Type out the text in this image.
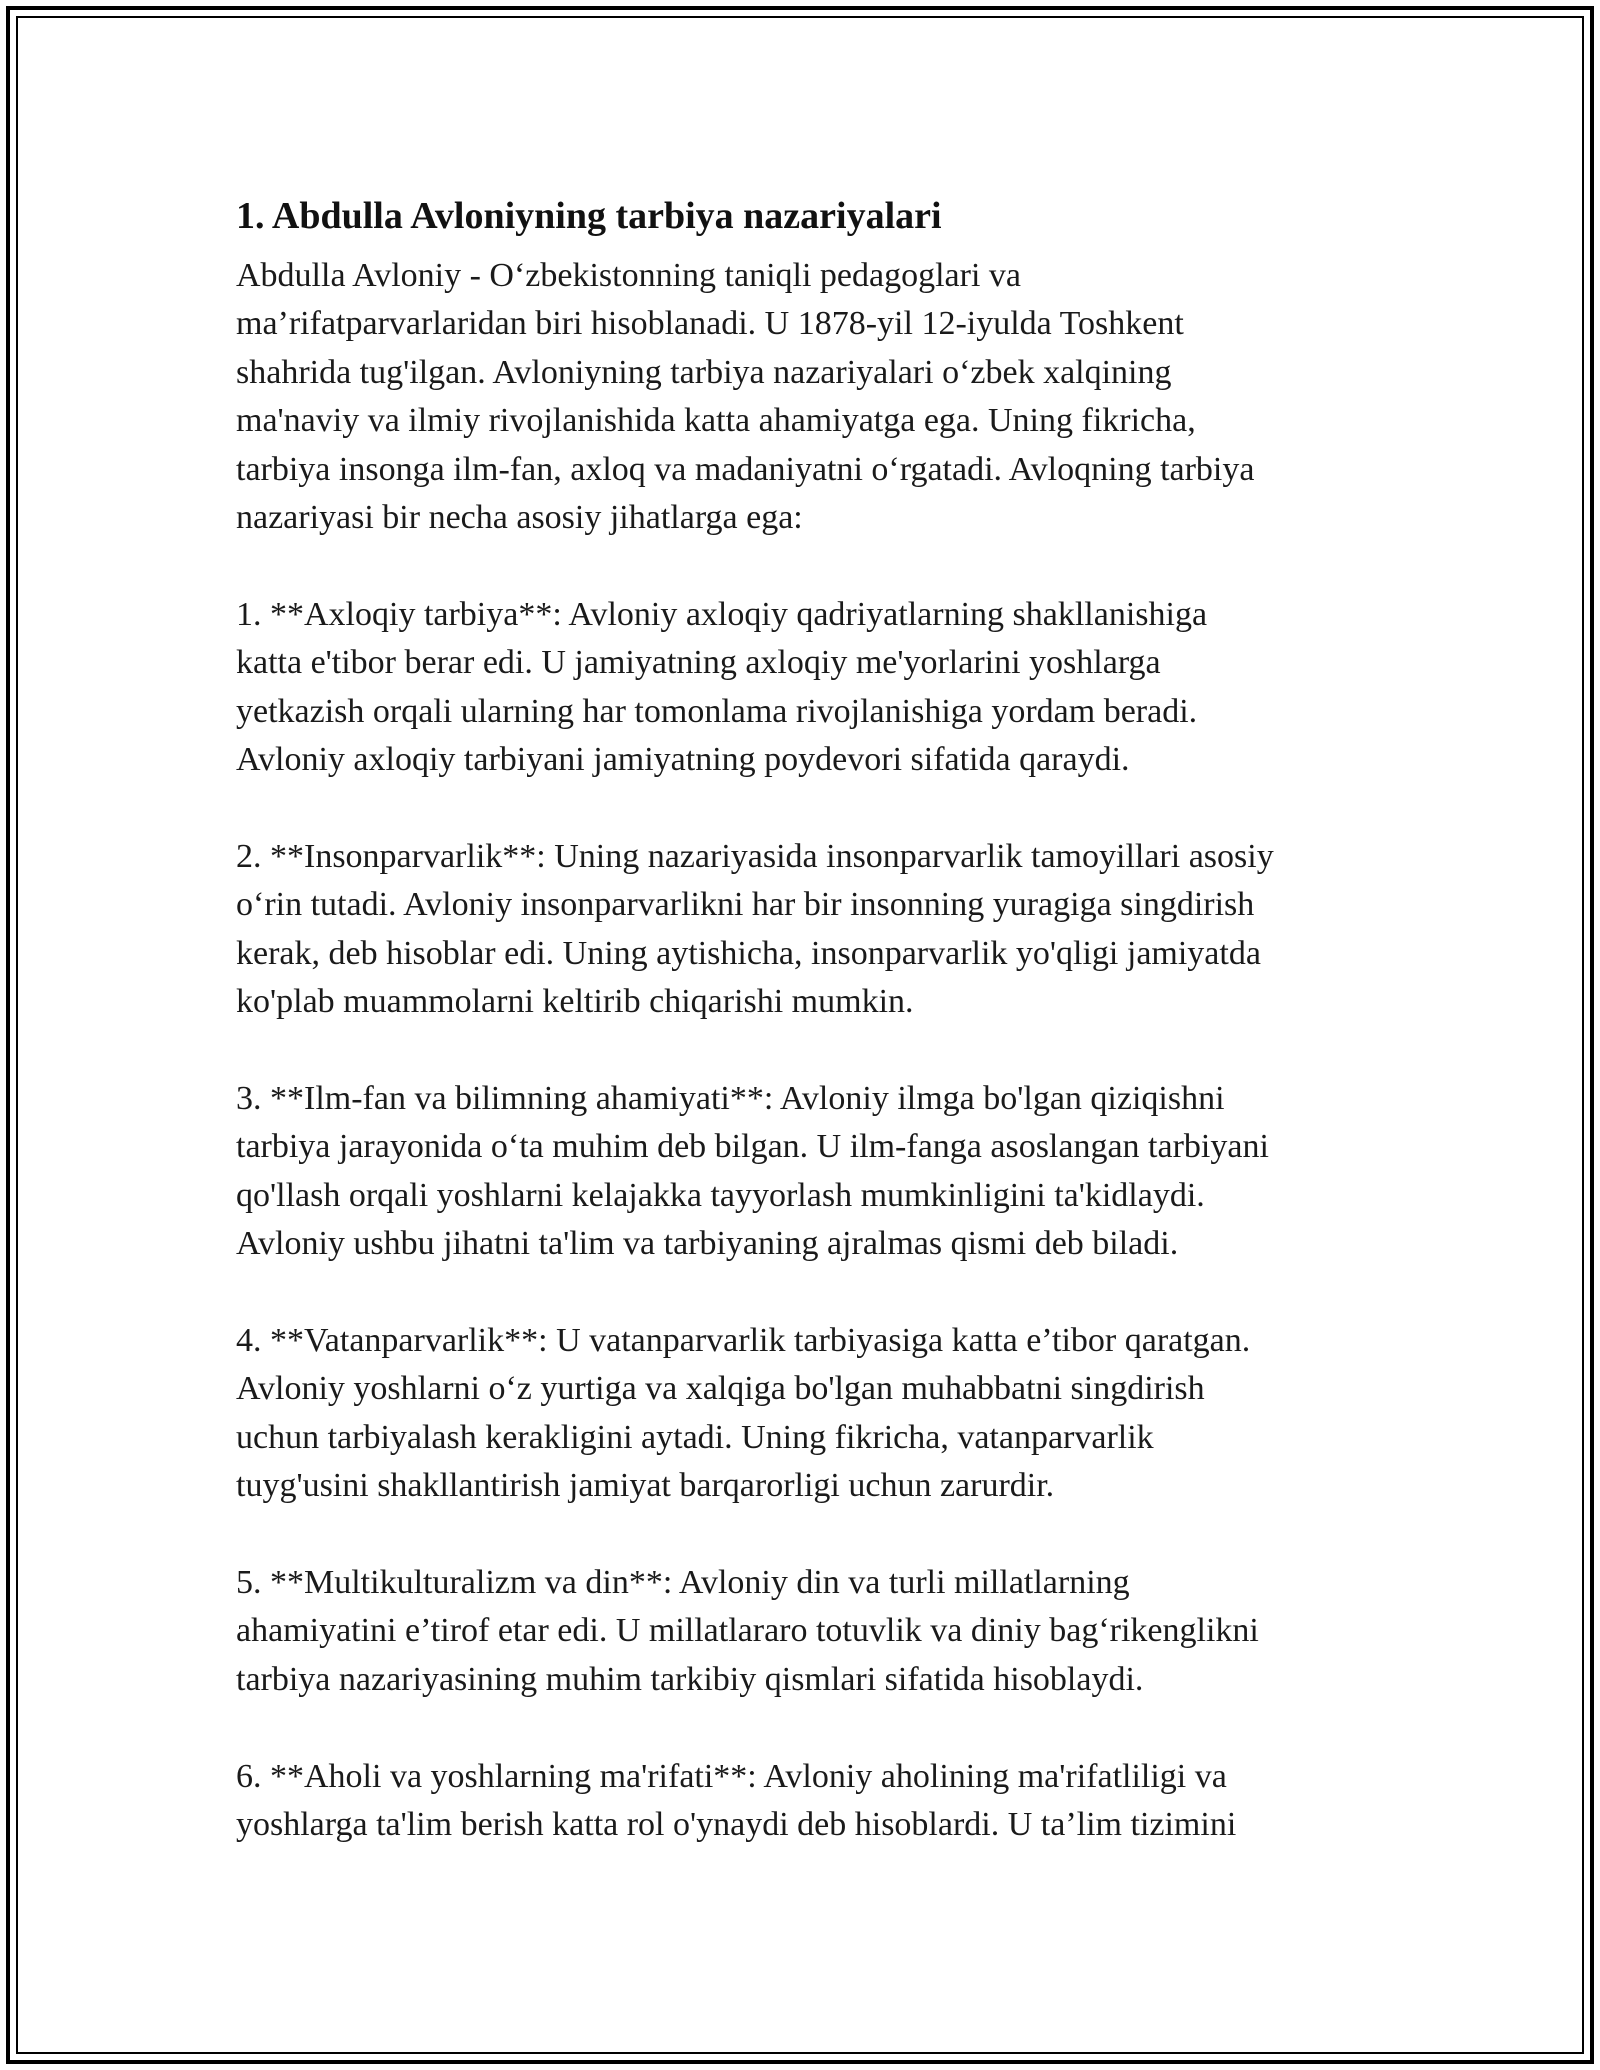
1. Abdulla Avloniyning tarbiya nazariyalari
Abdulla Avloniy - O‘zbekistonning taniqli pedagoglari va
ma’rifatparvarlaridan biri hisoblanadi. U 1878-yil 12-iyulda Toshkent
shahrida tug'ilgan. Avloniyning tarbiya nazariyalari o‘zbek xalqining
ma'naviy va ilmiy rivojlanishida katta ahamiyatga ega. Uning fikricha,
tarbiya insonga ilm-fan, axloq va madaniyatni o‘rgatadi. Avloqning tarbiya
nazariyasi bir necha asosiy jihatlarga ega:
1. **Axloqiy tarbiya**: Avloniy axloqiy qadriyatlarning shakllanishiga
katta e'tibor berar edi. U jamiyatning axloqiy me'yorlarini yoshlarga
yetkazish orqali ularning har tomonlama rivojlanishiga yordam beradi.
Avloniy axloqiy tarbiyani jamiyatning poydevori sifatida qaraydi.
2. **Insonparvarlik**: Uning nazariyasida insonparvarlik tamoyillari asosiy
o‘rin tutadi. Avloniy insonparvarlikni har bir insonning yuragiga singdirish
kerak, deb hisoblar edi. Uning aytishicha, insonparvarlik yo'qligi jamiyatda
ko'plab muammolarni keltirib chiqarishi mumkin.
3. **Ilm-fan va bilimning ahamiyati**: Avloniy ilmga bo'lgan qiziqishni
tarbiya jarayonida o‘ta muhim deb bilgan. U ilm-fanga asoslangan tarbiyani
qo'llash orqali yoshlarni kelajakka tayyorlash mumkinligini ta'kidlaydi.
Avloniy ushbu jihatni ta'lim va tarbiyaning ajralmas qismi deb biladi.
4. **Vatanparvarlik**: U vatanparvarlik tarbiyasiga katta e’tibor qaratgan.
Avloniy yoshlarni o‘z yurtiga va xalqiga bo'lgan muhabbatni singdirish
uchun tarbiyalash kerakligini aytadi. Uning fikricha, vatanparvarlik
tuyg'usini shakllantirish jamiyat barqarorligi uchun zarurdir.
5. **Multikulturalizm va din**: Avloniy din va turli millatlarning
ahamiyatini e’tirof etar edi. U millatlararo totuvlik va diniy bag‘rikenglikni
tarbiya nazariyasining muhim tarkibiy qismlari sifatida hisoblaydi.
6. **Aholi va yoshlarning ma'rifati**: Avloniy aholining ma'rifatliligi va
yoshlarga ta'lim berish katta rol o'ynaydi deb hisoblardi. U ta’lim tizimini
